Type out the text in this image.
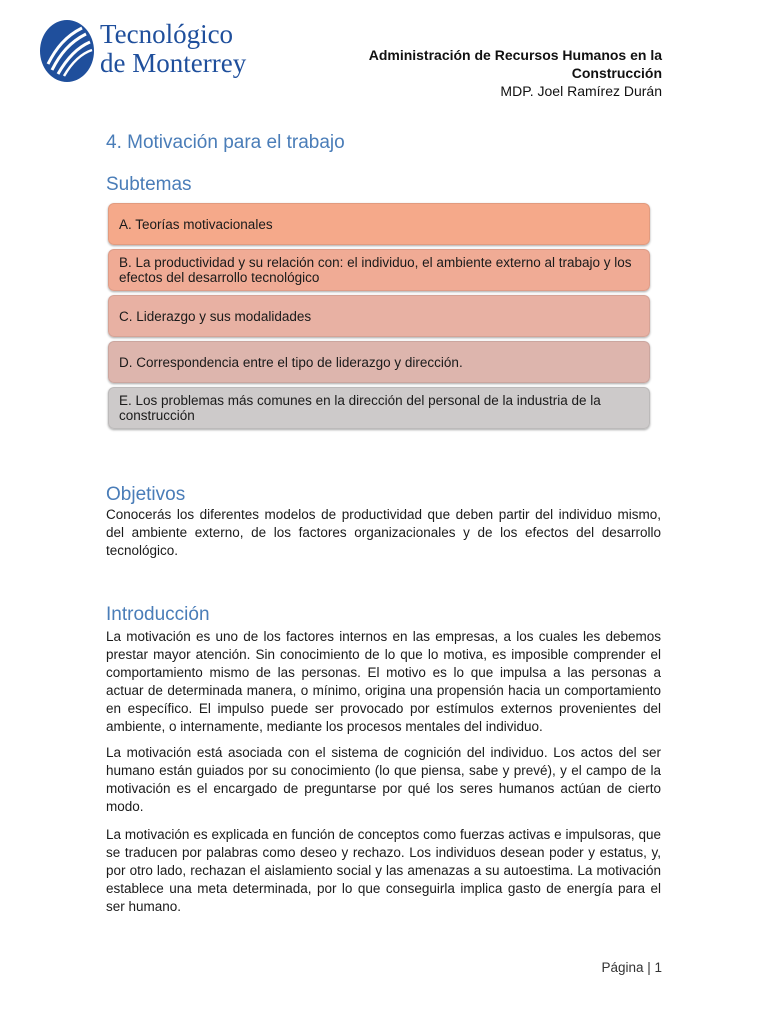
Tecnológico
de Monterrey	Administración de Recursos Humanos en la
Construcción
MDP. Joel Ramírez Durán
4. Motivación para el trabajo
Subtemas
A. Teorías motivacionales
B. La productividad y su relación con: el individuo, el ambiente externo al trabajo y los efectos del desarrollo tecnológico
C. Liderazgo y sus modalidades
D. Correspondencia entre el tipo de liderazgo y dirección.
E. Los problemas más comunes en la dirección del personal de la industria de la construcción
Objetivos
Conocerás los diferentes modelos de productividad que deben partir del individuo mismo, del ambiente externo, de los factores organizacionales y de los efectos del desarrollo tecnológico.
Introducción
La motivación es uno de los factores internos en las empresas, a los cuales les debemos prestar mayor atención. Sin conocimiento de lo que lo motiva, es imposible comprender el comportamiento mismo de las personas. El motivo es lo que impulsa a las personas a actuar de determinada manera, o mínimo, origina una propensión hacia un comportamiento en específico. El impulso puede ser provocado por estímulos externos provenientes del ambiente, o internamente, mediante los procesos mentales del individuo.
La motivación está asociada con el sistema de cognición del individuo. Los actos del ser humano están guiados por su conocimiento (lo que piensa, sabe y prevé), y el campo de la motivación es el encargado de preguntarse por qué los seres humanos actúan de cierto modo.
La motivación es explicada en función de conceptos como fuerzas activas e impulsoras, que se traducen por palabras como deseo y rechazo. Los individuos desean poder y estatus, y, por otro lado, rechazan el aislamiento social y las amenazas a su autoestima. La motivación establece una meta determinada, por lo que conseguirla implica gasto de energía para el ser humano.
Página | 1
